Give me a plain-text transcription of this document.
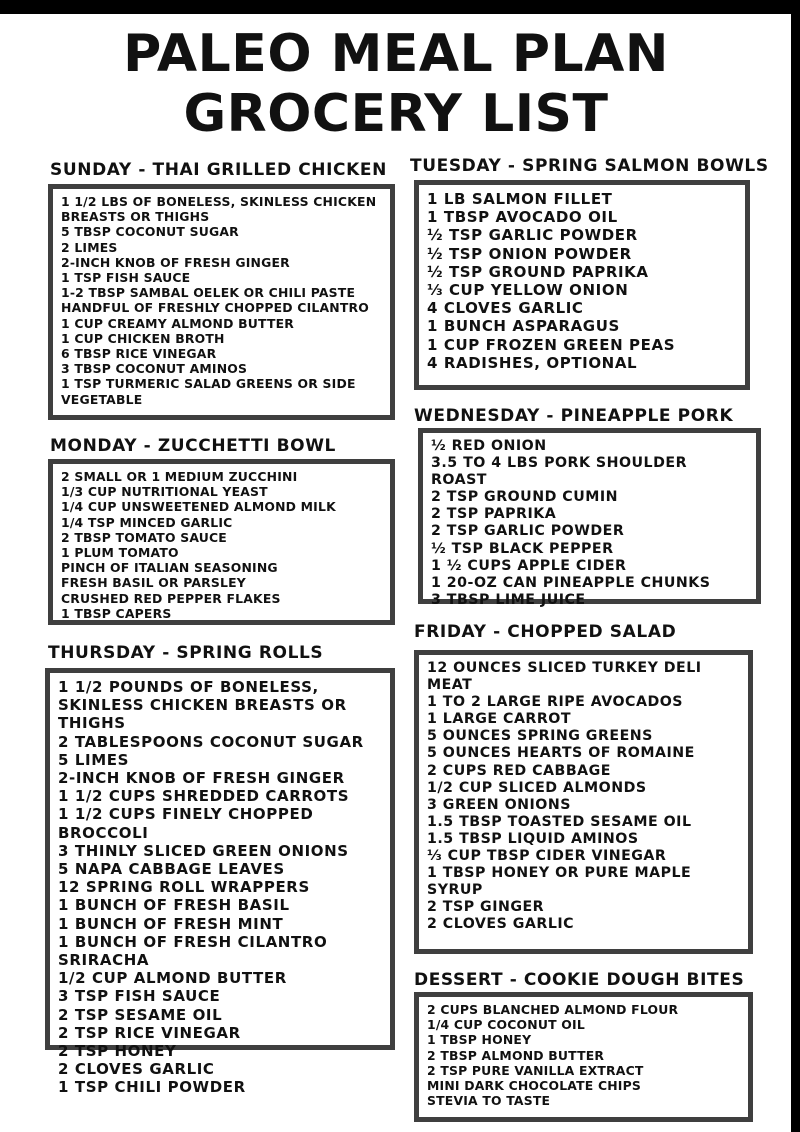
PALEO MEAL PLAN
GROCERY LIST
SUNDAY - THAI GRILLED CHICKEN
1 1/2 LBS OF BONELESS, SKINLESS CHICKEN BREASTS OR THIGHS
5 TBSP COCONUT SUGAR
2 LIMES
2-INCH KNOB OF FRESH GINGER
1 TSP FISH SAUCE
1-2 TBSP SAMBAL OELEK OR CHILI PASTE
HANDFUL OF FRESHLY CHOPPED CILANTRO
1 CUP CREAMY ALMOND BUTTER
1 CUP CHICKEN BROTH
6 TBSP RICE VINEGAR
3 TBSP COCONUT AMINOS
1 TSP TURMERIC SALAD GREENS OR SIDE VEGETABLE
MONDAY - ZUCCHETTI BOWL
2 SMALL OR 1 MEDIUM ZUCCHINI
1/3 CUP NUTRITIONAL YEAST
1/4 CUP UNSWEETENED ALMOND MILK
1/4 TSP MINCED GARLIC
2 TBSP TOMATO SAUCE
1 PLUM TOMATO
PINCH OF ITALIAN SEASONING
FRESH BASIL OR PARSLEY
CRUSHED RED PEPPER FLAKES
1 TBSP CAPERS
THURSDAY - SPRING ROLLS
1 1/2 POUNDS OF BONELESS, SKINLESS CHICKEN BREASTS OR THIGHS
2 TABLESPOONS COCONUT SUGAR
5 LIMES
2-INCH KNOB OF FRESH GINGER
1 1/2 CUPS SHREDDED CARROTS
1 1/2 CUPS FINELY CHOPPED BROCCOLI
3 THINLY SLICED GREEN ONIONS
5 NAPA CABBAGE LEAVES
12 SPRING ROLL WRAPPERS
1 BUNCH OF FRESH BASIL
1 BUNCH OF FRESH MINT
1 BUNCH OF FRESH CILANTRO
SRIRACHA
1/2 CUP ALMOND BUTTER
3 TSP FISH SAUCE
2 TSP SESAME OIL
2 TSP RICE VINEGAR
2 TSP HONEY
2 CLOVES GARLIC
1 TSP CHILI POWDER
TUESDAY - SPRING SALMON BOWLS
1 LB SALMON FILLET
1 TBSP AVOCADO OIL
½ TSP GARLIC POWDER
½ TSP ONION POWDER
½ TSP GROUND PAPRIKA
⅓ CUP YELLOW ONION
4 CLOVES GARLIC
1 BUNCH ASPARAGUS
1 CUP FROZEN GREEN PEAS
4 RADISHES, OPTIONAL
WEDNESDAY - PINEAPPLE PORK
½ RED ONION
3.5 TO 4 LBS PORK SHOULDER ROAST
2 TSP GROUND CUMIN
2 TSP PAPRIKA
2 TSP GARLIC POWDER
½ TSP BLACK PEPPER
1 ½ CUPS APPLE CIDER
1 20-OZ CAN PINEAPPLE CHUNKS
3 TBSP LIME JUICE
FRIDAY - CHOPPED SALAD
12 OUNCES SLICED TURKEY DELI MEAT
1 TO 2 LARGE RIPE AVOCADOS
1 LARGE CARROT
5 OUNCES SPRING GREENS
5 OUNCES HEARTS OF ROMAINE
2 CUPS RED CABBAGE
1/2 CUP SLICED ALMONDS
3 GREEN ONIONS
1.5 TBSP TOASTED SESAME OIL
1.5 TBSP LIQUID AMINOS
⅓ CUP TBSP CIDER VINEGAR
1 TBSP HONEY OR PURE MAPLE SYRUP
2 TSP GINGER
2 CLOVES GARLIC
DESSERT - COOKIE DOUGH BITES
2 CUPS BLANCHED ALMOND FLOUR
1/4 CUP COCONUT OIL
1 TBSP HONEY
2 TBSP ALMOND BUTTER
2 TSP PURE VANILLA EXTRACT
MINI DARK CHOCOLATE CHIPS
STEVIA TO TASTE
